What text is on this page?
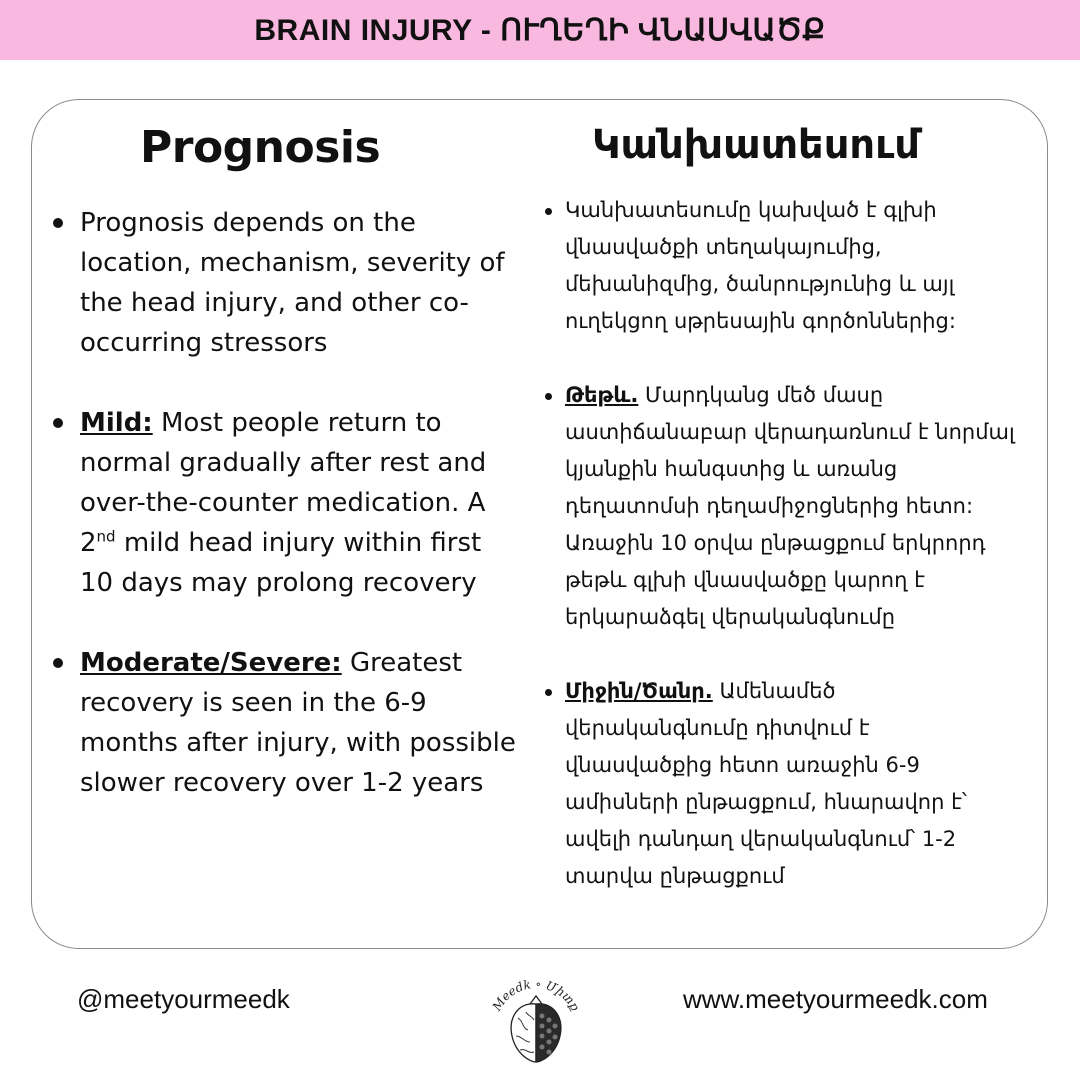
BRAIN INJURY - ՈՒՂԵՂԻ ՎՆԱՍՎԱԾՔ
Prognosis	Կանխատեսում
Prognosis depends on the location, mechanism, severity of the head injury, and other co-occurring stressors
Mild: Most people return to normal gradually after rest and over-the-counter medication. A 2nd mild head injury within first 10 days may prolong recovery
Moderate/Severe: Greatest recovery is seen in the 6-9 months after injury, with possible slower recovery over 1-2 years
Կանխատեսումը կախված է գլխի վնասվածքի տեղակայումից, մեխանիզմից, ծանրությունից և այլ ուղեկցող սթրեսային գործոններից:
Թեթև. Մարդկանց մեծ մասը աստիճանաբար վերադառնում է նորմալ կյանքին հանգստից և առանց դեղատոմսի դեղամիջոցներից հետո: Առաջին 10 օրվա ընթացքում երկրորդ թեթև գլխի վնասվածքը կարող է երկարաձգել վերականգնումը
Միջին/Ծանր. Ամենամեծ վերականգնումը դիտվում է վնասվածքից հետո առաջին 6-9 ամիսների ընթացքում, հնարավոր է՝ ավելի դանդաղ վերականգնում՝ 1-2 տարվա ընթացքում
@meetyourmeedk	Meedk ∘ Միտք	www.meetyourmeedk.com
